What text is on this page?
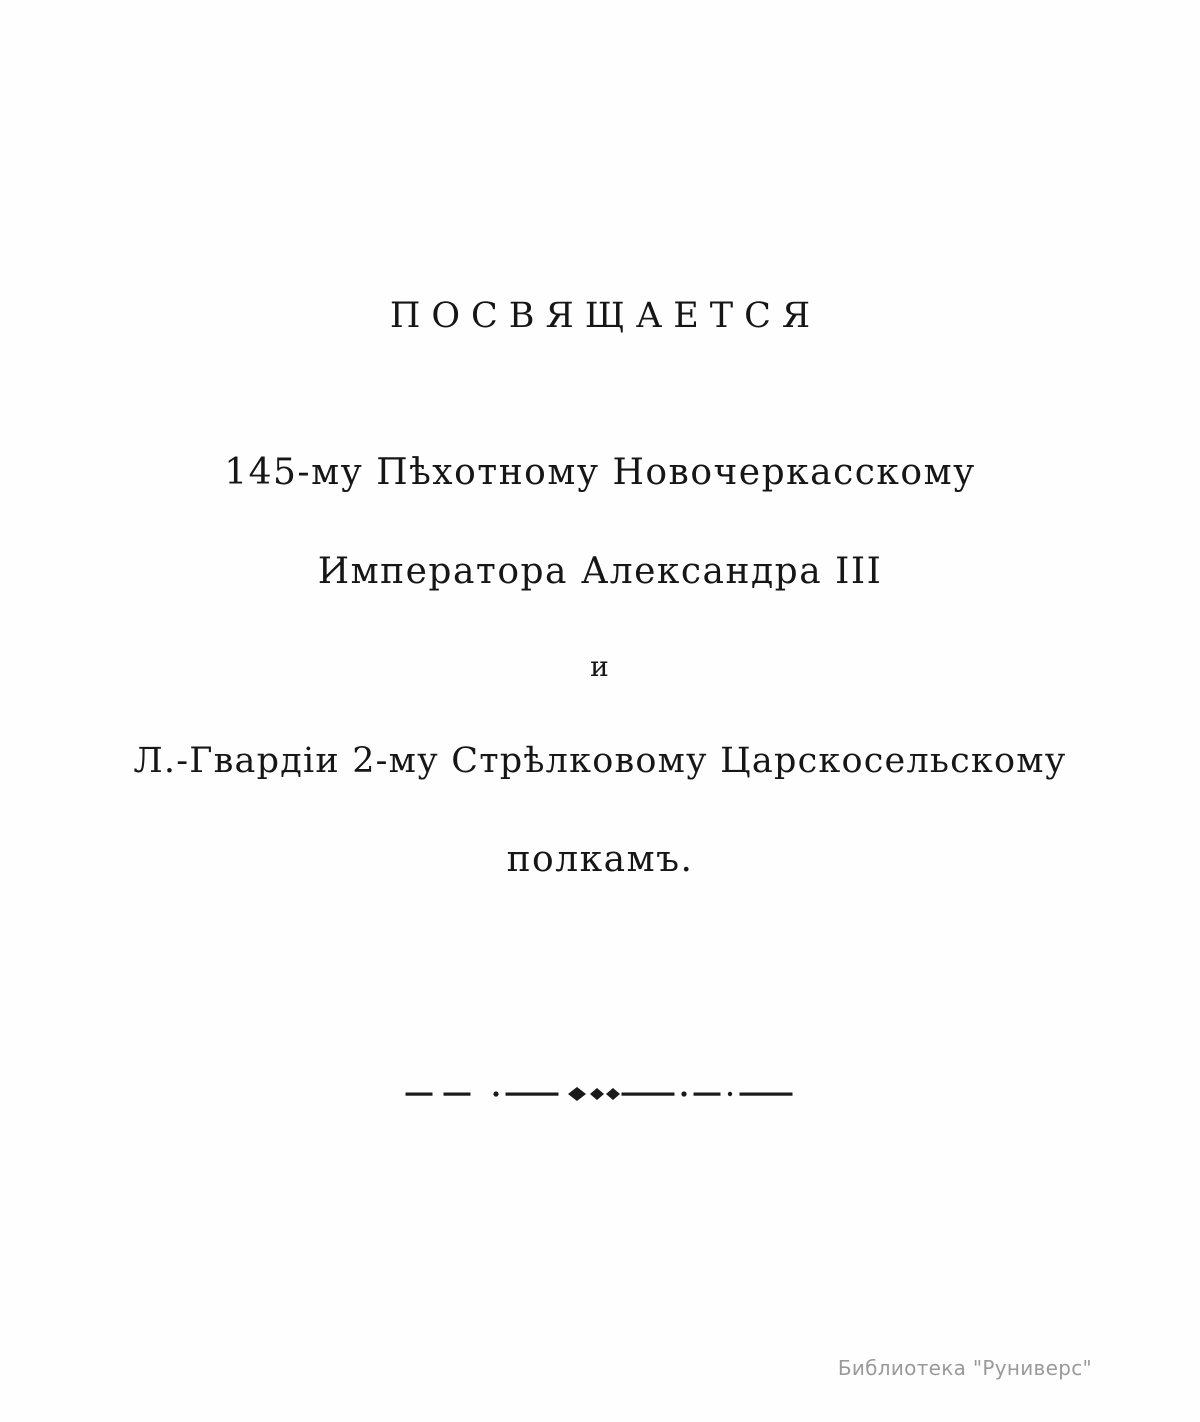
ПОСВЯЩАЕТСЯ

145-му Пѣхотному Новочеркасскому

Императора Александра III

и

Л.-Гвардіи 2-му Стрѣлковому Царскосельскому

полкамъ.

Библиотека "Руниверс"
